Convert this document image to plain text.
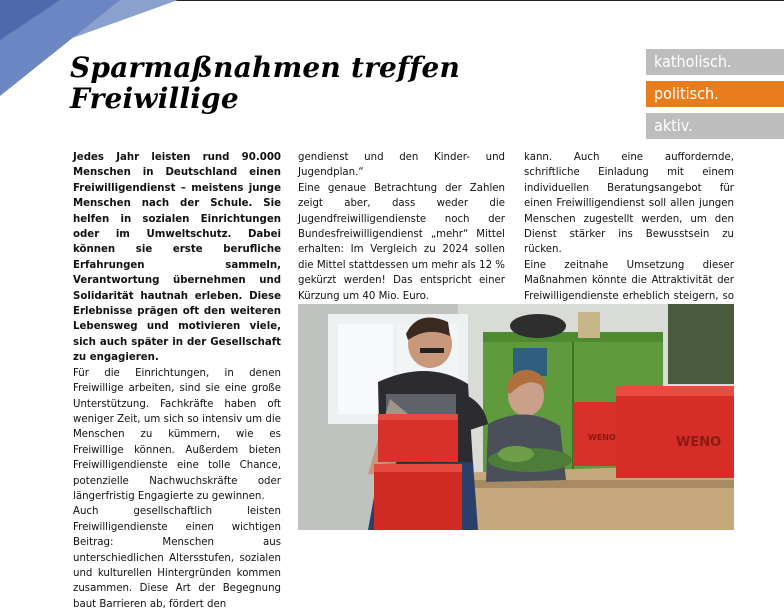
Sparmaßnahmen treffen Freiwillige
katholisch.
politisch.
aktiv.

Jedes Jahr leisten rund 90.000 Menschen in Deutschland einen Freiwilligendienst – meistens junge Menschen nach der Schule. Sie helfen in sozialen Einrichtungen oder im Umweltschutz. Dabei können sie erste berufliche Erfahrungen sammeln, Verantwortung übernehmen und Solidarität hautnah erleben. Diese Erlebnisse prägen oft den weiteren Lebensweg und motivieren viele, sich auch später in der Gesellschaft zu engagieren.

Für die Einrichtungen, in denen Freiwillige arbeiten, sind sie eine große Unterstützung. Fachkräfte haben oft weniger Zeit, um sich so intensiv um die Menschen zu kümmern, wie es Freiwillige können. Außerdem bieten Freiwilligendienste eine tolle Chance, potenzielle Nachwuchskräfte oder längerfristig Engagierte zu gewinnen.

Auch gesellschaftlich leisten Freiwilligendienste einen wichtigen Beitrag: Menschen aus unterschiedlichen Altersstufen, sozialen und kulturellen Hintergründen kommen zusammen. Diese Art der Begegnung baut Barrieren ab, fördert den

gendienst und den Kinder- und Jugendplan.“

Eine genaue Betrachtung der Zahlen zeigt aber, dass weder die Jugendfreiwilligendienste noch der Bundesfreiwilligendienst „mehr“ Mittel erhalten: Im Vergleich zu 2024 sollen die Mittel stattdessen um mehr als 12 % gekürzt werden! Das entspricht einer Kürzung um 40 Mio. Euro.

kann. Auch eine auffordernde, schriftliche Einladung mit einem individuellen Beratungsangebot für einen Freiwilligendienst soll allen jungen Menschen zugestellt werden, um den Dienst stärker ins Bewusstsein zu rücken.

Eine zeitnahe Umsetzung dieser Maßnahmen könnte die Attraktivität der Freiwilligendienste erheblich steigern, so

WENO
WENO
